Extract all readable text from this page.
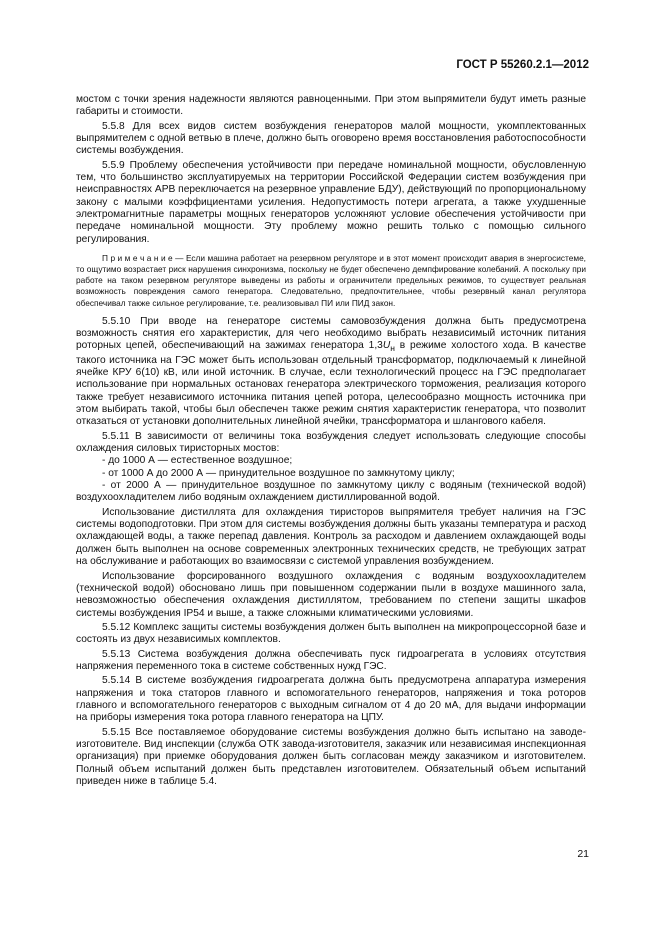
ГОСТ Р 55260.2.1—2012

мостом с точки зрения надежности являются равноценными. При этом выпрямители будут иметь разные габариты и стоимости.

5.5.8 Для всех видов систем возбуждения генераторов малой мощности, укомплектованных выпрямителем с одной ветвью в плече, должно быть оговорено время восстановления работоспособности системы возбуждения.

5.5.9 Проблему обеспечения устойчивости при передаче номинальной мощности, обусловленную тем, что большинство эксплуатируемых на территории Российской Федерации систем возбуждения при неисправностях АРВ переключается на резервное управление БДУ), действующий по пропорциональному закону с малыми коэффициентами усиления. Недопустимость потери агрегата, а также ухудшенные электромагнитные параметры мощных генераторов усложняют условие обеспечения устойчивости при передаче номинальной мощности. Эту проблему можно решить только с помощью сильного регулирования.

П р и м е ч а н и е — Если машина работает на резервном регуляторе и в этот момент происходит авария в энергосистеме, то ощутимо возрастает риск нарушения синхронизма, поскольку не будет обеспечено демпфирование колебаний. А поскольку при работе на таком резервном регуляторе выведены из работы и ограничители предельных режимов, то существует реальная возможность повреждения самого генератора. Следовательно, предпочтительнее, чтобы резервный канал регулятора обеспечивал также сильное регулирование, т.е. реализовывал ПИ или ПИД закон.

5.5.10 При вводе на генераторе системы самовозбуждения должна быть предусмотрена возможность снятия его характеристик, для чего необходимо выбрать независимый источник питания роторных цепей, обеспечивающий на зажимах генератора $1,3U_н$ в режиме холостого хода. В качестве такого источника на ГЭС может быть использован отдельный трансформатор, подключаемый к линейной ячейке КРУ 6(10) кВ, или иной источник. В случае, если технологический процесс на ГЭС предполагает использование при нормальных остановах генератора электрического торможения, реализация которого также требует независимого источника питания цепей ротора, целесообразно мощность источника при этом выбирать такой, чтобы был обеспечен также режим снятия характеристик генератора, что позволит отказаться от установки дополнительных линейной ячейки, трансформатора и шлангового кабеля.

5.5.11 В зависимости от величины тока возбуждения следует использовать следующие способы охлаждения силовых тиристорных мостов:

- до 1000 А — естественное воздушное;

- от 1000 А до 2000 А — принудительное воздушное по замкнутому циклу;

- от 2000 А — принудительное воздушное по замкнутому циклу с водяным (технической водой) воздухоохладителем либо водяным охлаждением дистиллированной водой.

Использование дистиллята для охлаждения тиристоров выпрямителя требует наличия на ГЭС системы водоподготовки. При этом для системы возбуждения должны быть указаны температура и расход охлаждающей воды, а также перепад давления. Контроль за расходом и давлением охлаждающей воды должен быть выполнен на основе современных электронных технических средств, не требующих затрат на обслуживание и работающих во взаимосвязи с системой управления возбуждением.

Использование форсированного воздушного охлаждения с водяным воздухоохладителем (технической водой) обосновано лишь при повышенном содержании пыли в воздухе машинного зала, невозможностью обеспечения охлаждения дистиллятом, требованием по степени защиты шкафов системы возбуждения IP54 и выше, а также сложными климатическими условиями.

5.5.12 Комплекс защиты системы возбуждения должен быть выполнен на микропроцессорной базе и состоять из двух независимых комплектов.

5.5.13 Система возбуждения должна обеспечивать пуск гидроагрегата в условиях отсутствия напряжения переменного тока в системе собственных нужд ГЭС.

5.5.14 В системе возбуждения гидроагрегата должна быть предусмотрена аппаратура измерения напряжения и тока статоров главного и вспомогательного генераторов, напряжения и тока роторов главного и вспомогательного генераторов с выходным сигналом от 4 до 20 мА, для выдачи информации на приборы измерения тока ротора главного генератора на ЦПУ.

5.5.15 Все поставляемое оборудование системы возбуждения должно быть испытано на заводе-изготовителе. Вид инспекции (служба ОТК завода-изготовителя, заказчик или независимая инспекционная организация) при приемке оборудования должен быть согласован между заказчиком и изготовителем. Полный объем испытаний должен быть представлен изготовителем. Обязательный объем испытаний приведен ниже в таблице 5.4.

21
